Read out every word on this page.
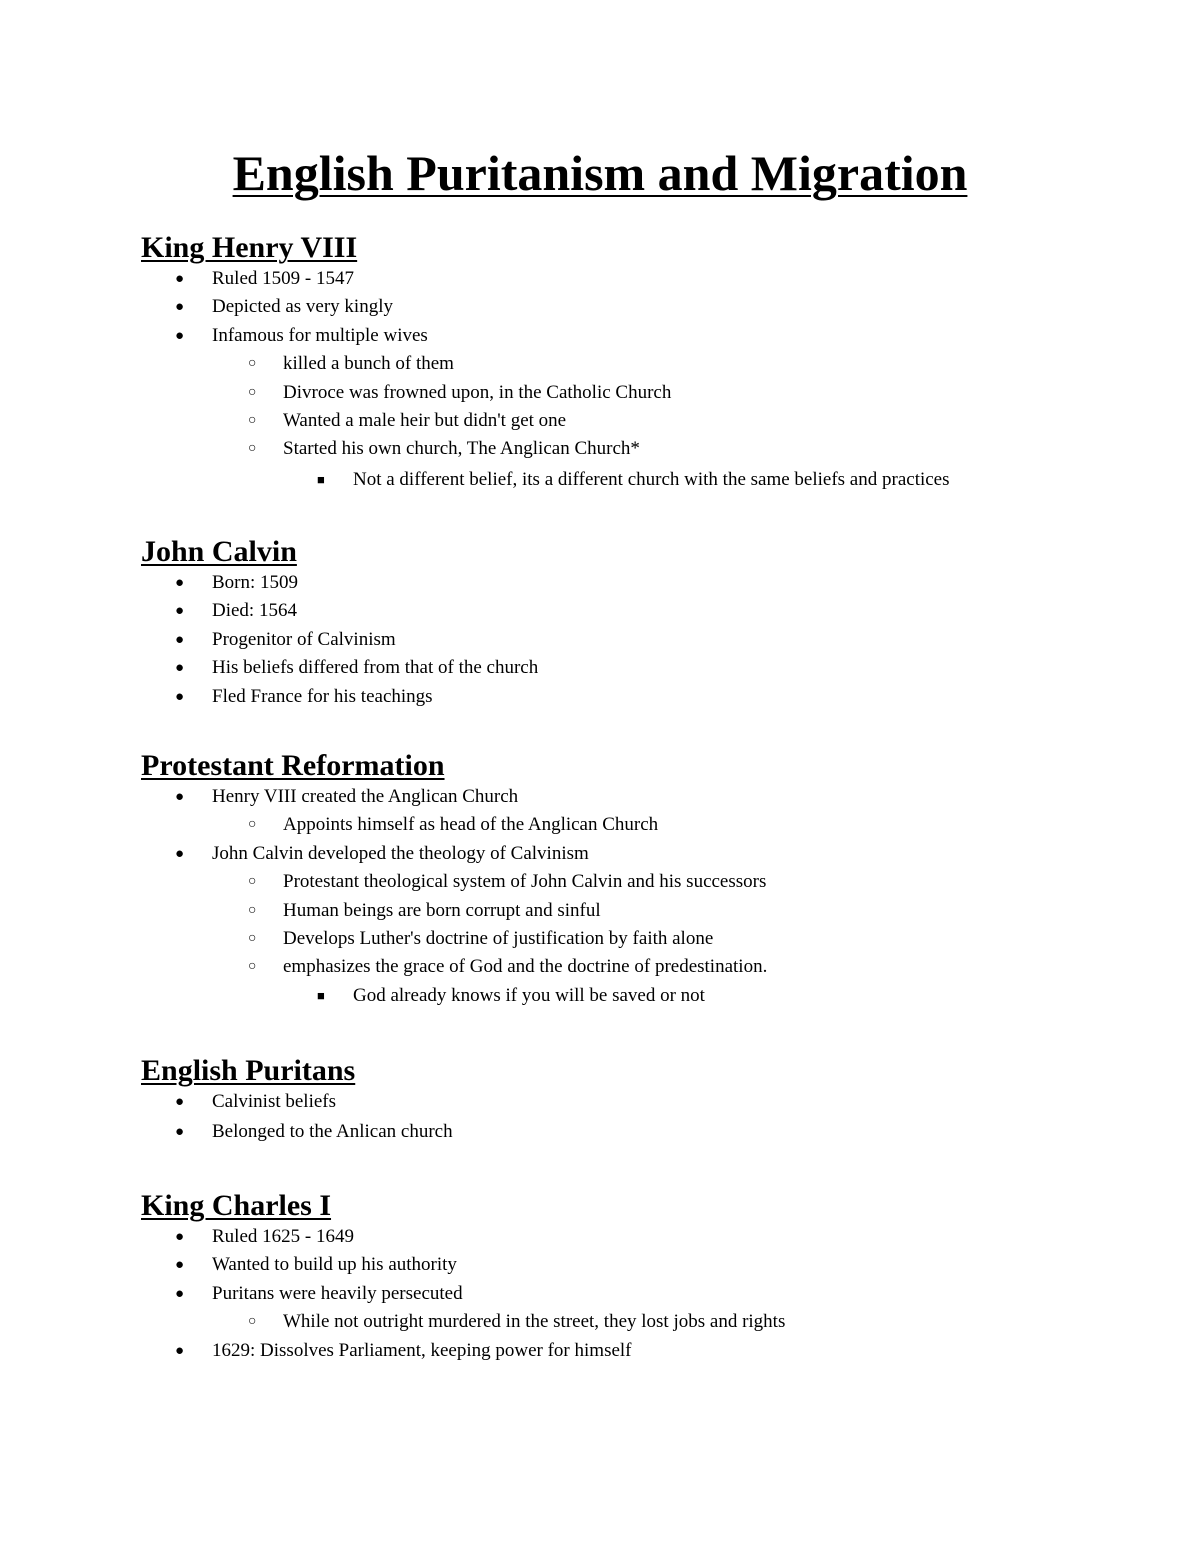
English Puritanism and Migration
King Henry VIII
● Ruled 1509 - 1547
● Depicted as very kingly
● Infamous for multiple wives
○ killed a bunch of them
○ Divroce was frowned upon, in the Catholic Church
○ Wanted a male heir but didn't get one
○ Started his own church, The Anglican Church*
■ Not a different belief, its a different church with the same beliefs and practices
John Calvin
● Born: 1509
● Died: 1564
● Progenitor of Calvinism
● His beliefs differed from that of the church
● Fled France for his teachings
Protestant Reformation
● Henry VIII created the Anglican Church
○ Appoints himself as head of the Anglican Church
● John Calvin developed the theology of Calvinism
○ Protestant theological system of John Calvin and his successors
○ Human beings are born corrupt and sinful
○ Develops Luther's doctrine of justification by faith alone
○ emphasizes the grace of God and the doctrine of predestination.
■ God already knows if you will be saved or not
English Puritans
● Calvinist beliefs
● Belonged to the Anlican church
King Charles I
● Ruled 1625 - 1649
● Wanted to build up his authority
● Puritans were heavily persecuted
○ While not outright murdered in the street, they lost jobs and rights
● 1629: Dissolves Parliament, keeping power for himself
